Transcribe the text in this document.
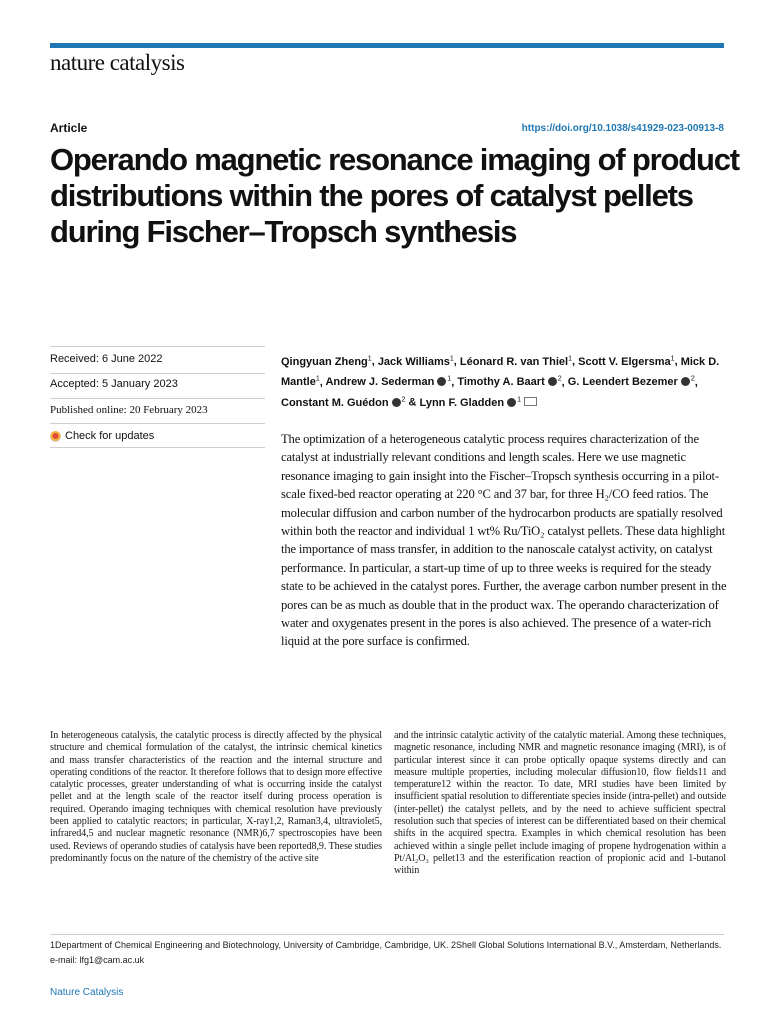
nature catalysis
Article	https://doi.org/10.1038/s41929-023-00913-8
Operando magnetic resonance imaging of product distributions within the pores of catalyst pellets during Fischer–Tropsch synthesis
Received: 6 June 2022
Accepted: 5 January 2023
Published online: 20 February 2023
Check for updates

Qingyuan Zheng$^1$, Jack Williams$^1$, Léonard R. van Thiel$^1$, Scott V. Elgersma$^1$, Mick D. Mantle$^1$, Andrew J. Sederman $^1$, Timothy A. Baart $^2$, G. Leendert Bezemer $^2$, Constant M. Guédon $^2$ & Lynn F. Gladden $^1$

The optimization of a heterogeneous catalytic process requires characterization of the catalyst at industrially relevant conditions and length scales. Here we use magnetic resonance imaging to gain insight into the Fischer–Tropsch synthesis occurring in a pilot-scale fixed-bed reactor operating at 220 °C and 37 bar, for three H₂/CO feed ratios. The molecular diffusion and carbon number of the hydrocarbon products are spatially resolved within both the reactor and individual 1 wt% Ru/TiO₂ catalyst pellets. These data highlight the importance of mass transfer, in addition to the nanoscale catalyst activity, on catalyst performance. In particular, a start-up time of up to three weeks is required for the steady state to be achieved in the catalyst pores. Further, the average carbon number present in the pores can be as much as double that in the product wax. The operando characterization of water and oxygenates present in the pores is also achieved. The presence of a water-rich liquid at the pore surface is confirmed.

In heterogeneous catalysis, the catalytic process is directly affected by the physical structure and chemical formulation of the catalyst, the intrinsic chemical kinetics and mass transfer characteristics of the reaction and the internal structure and operating conditions of the reactor. It therefore follows that to design more effective catalytic processes, greater understanding of what is occurring inside the catalyst pellet and at the length scale of the reactor itself during process operation is required. Operando imaging techniques with chemical resolution have previously been applied to catalytic reactors; in particular, X-ray1,2, Raman3,4, ultraviolet5, infrared4,5 and nuclear magnetic resonance (NMR)6,7 spectroscopies have been used. Reviews of operando studies of catalysis have been reported8,9. These studies predominantly focus on the nature of the chemistry of the active site

and the intrinsic catalytic activity of the catalytic material. Among these techniques, magnetic resonance, including NMR and magnetic resonance imaging (MRI), is of particular interest since it can probe optically opaque systems directly and can measure multiple properties, including molecular diffusion10, flow fields11 and temperature12 within the reactor. To date, MRI studies have been limited by insufficient spatial resolution to differentiate species inside (intra-pellet) and outside (inter-pellet) the catalyst pellets, and by the need to achieve sufficient spectral resolution such that species of interest can be differentiated based on their chemical shifts in the acquired spectra. Examples in which chemical resolution has been achieved within a single pellet include imaging of propene hydrogenation within a Pt/Al₂O₃ pellet13 and the esterification reaction of propionic acid and 1-butanol within

1Department of Chemical Engineering and Biotechnology, University of Cambridge, Cambridge, UK. 2Shell Global Solutions International B.V., Amsterdam, Netherlands. e-mail: lfg1@cam.ac.uk

Nature Catalysis
